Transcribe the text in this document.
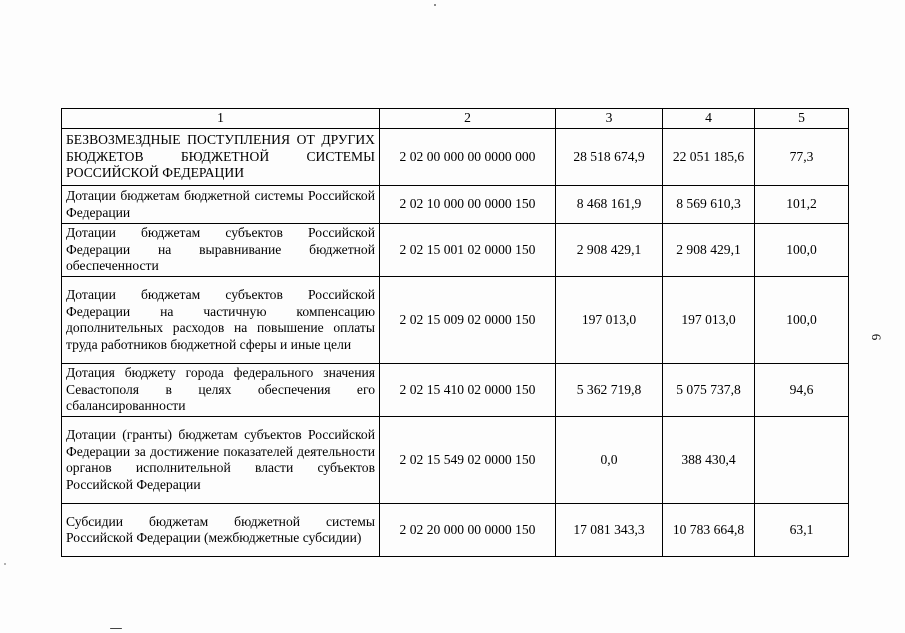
1	2	3	4	5
БЕЗВОЗМЕЗДНЫЕ ПОСТУПЛЕНИЯ ОТ ДРУГИХ БЮДЖЕТОВ БЮДЖЕТНОЙ СИСТЕМЫ РОССИЙСКОЙ ФЕДЕРАЦИИ	2 02 00 000 00 0000 000	28 518 674,9	22 051 185,6	77,3
Дотации бюджетам бюджетной системы Российской Федерации	2 02 10 000 00 0000 150	8 468 161,9	8 569 610,3	101,2
Дотации бюджетам субъектов Российской Федерации на выравнивание бюджетной обеспеченности	2 02 15 001 02 0000 150	2 908 429,1	2 908 429,1	100,0
Дотации бюджетам субъектов Российской Федерации на частичную компенсацию дополнительных расходов на повышение оплаты труда работников бюджетной сферы и иные цели	2 02 15 009 02 0000 150	197 013,0	197 013,0	100,0
Дотация бюджету города федерального значения Севастополя в целях обеспечения его сбалансированности	2 02 15 410 02 0000 150	5 362 719,8	5 075 737,8	94,6
Дотации (гранты) бюджетам субъектов Российской Федерации за достижение показателей деятельности органов исполнительной власти субъектов Российской Федерации	2 02 15 549 02 0000 150	0,0	388 430,4	
Субсидии бюджетам бюджетной системы Российской Федерации (межбюджетные субсидии)	2 02 20 000 00 0000 150	17 081 343,3	10 783 664,8	63,1
6
